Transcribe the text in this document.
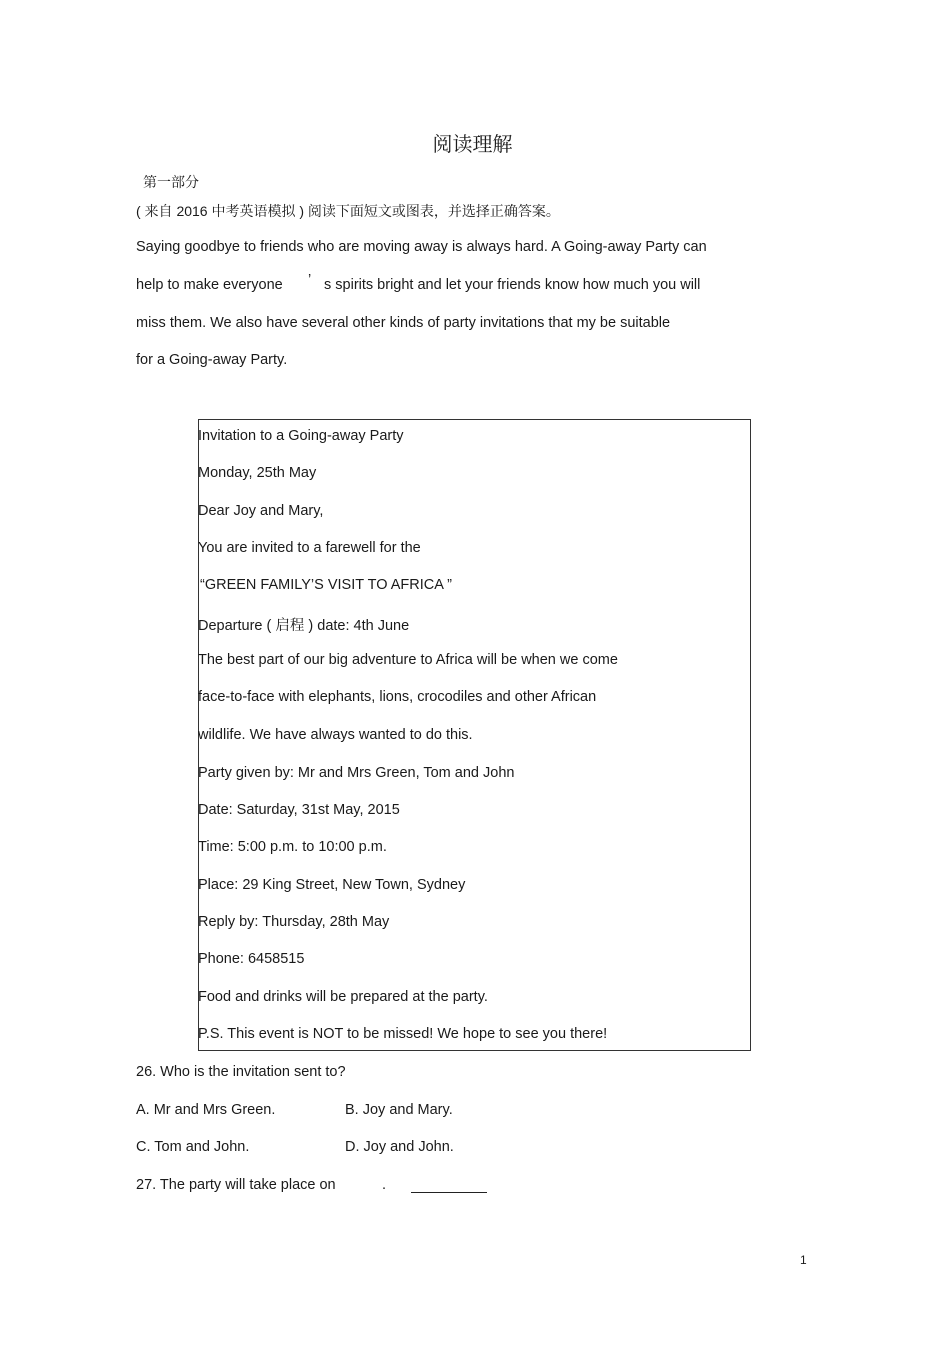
阅读理解
第一部分
( 来自 2016 中考英语模拟 ) 阅读下面短文或图表，并选择正确答案。
Saying goodbye to friends who are moving away is always hard. A Going-away Party can
help to make everyone ’ s spirits bright and let your friends know how much you will
miss them. We also have several other kinds of party invitations that my be suitable
for a Going-away Party.
Invitation to a Going-away Party
Monday, 25th May
Dear Joy and Mary,
You are invited to a farewell for the
“GREEN FAMILY’S VISIT TO AFRICA ”
Departure ( 启程 ) date: 4th June
The best part of our big adventure to Africa will be when we come
face-to-face with elephants, lions, crocodiles and other African
wildlife. We have always wanted to do this.
Party given by: Mr and Mrs Green, Tom and John
Date: Saturday, 31st May, 2015
Time: 5:00 p.m. to 10:00 p.m.
Place: 29 King Street, New Town, Sydney
Reply by: Thursday, 28th May
Phone: 6458515
Food and drinks will be prepared at the party.
P.S. This event is NOT to be missed! We hope to see you there!
26. Who is the invitation sent to?
A. Mr and Mrs Green.	B. Joy and Mary.
C. Tom and John.	D. Joy and John.
27. The party will take place on	.
1
